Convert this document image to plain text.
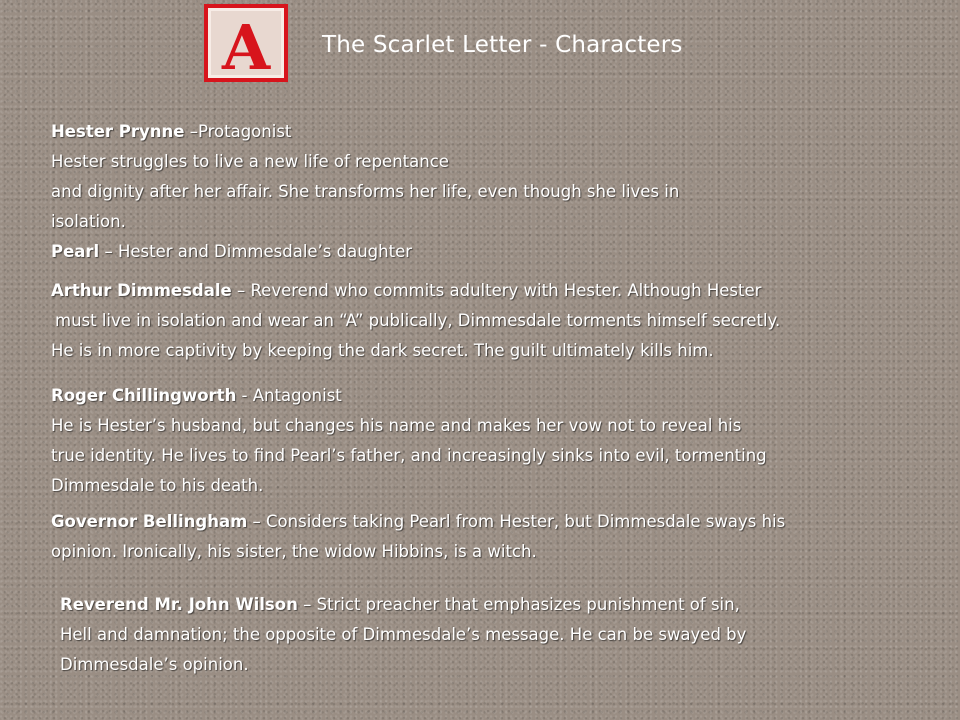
A The Scarlet Letter - Characters
Hester Prynne –Protagonist
Hester struggles to live a new life of repentance
and dignity after her affair. She transforms her life, even though she lives in
isolation.
Pearl – Hester and Dimmesdale’s daughter
Arthur Dimmesdale – Reverend who commits adultery with Hester. Although Hester
must live in isolation and wear an “A” publically, Dimmesdale torments himself secretly.
He is in more captivity by keeping the dark secret. The guilt ultimately kills him.
Roger Chillingworth - Antagonist
He is Hester’s husband, but changes his name and makes her vow not to reveal his
true identity. He lives to find Pearl’s father, and increasingly sinks into evil, tormenting
Dimmesdale to his death.
Governor Bellingham – Considers taking Pearl from Hester, but Dimmesdale sways his
opinion. Ironically, his sister, the widow Hibbins, is a witch.
Reverend Mr. John Wilson – Strict preacher that emphasizes punishment of sin,
Hell and damnation; the opposite of Dimmesdale’s message. He can be swayed by
Dimmesdale’s opinion.
